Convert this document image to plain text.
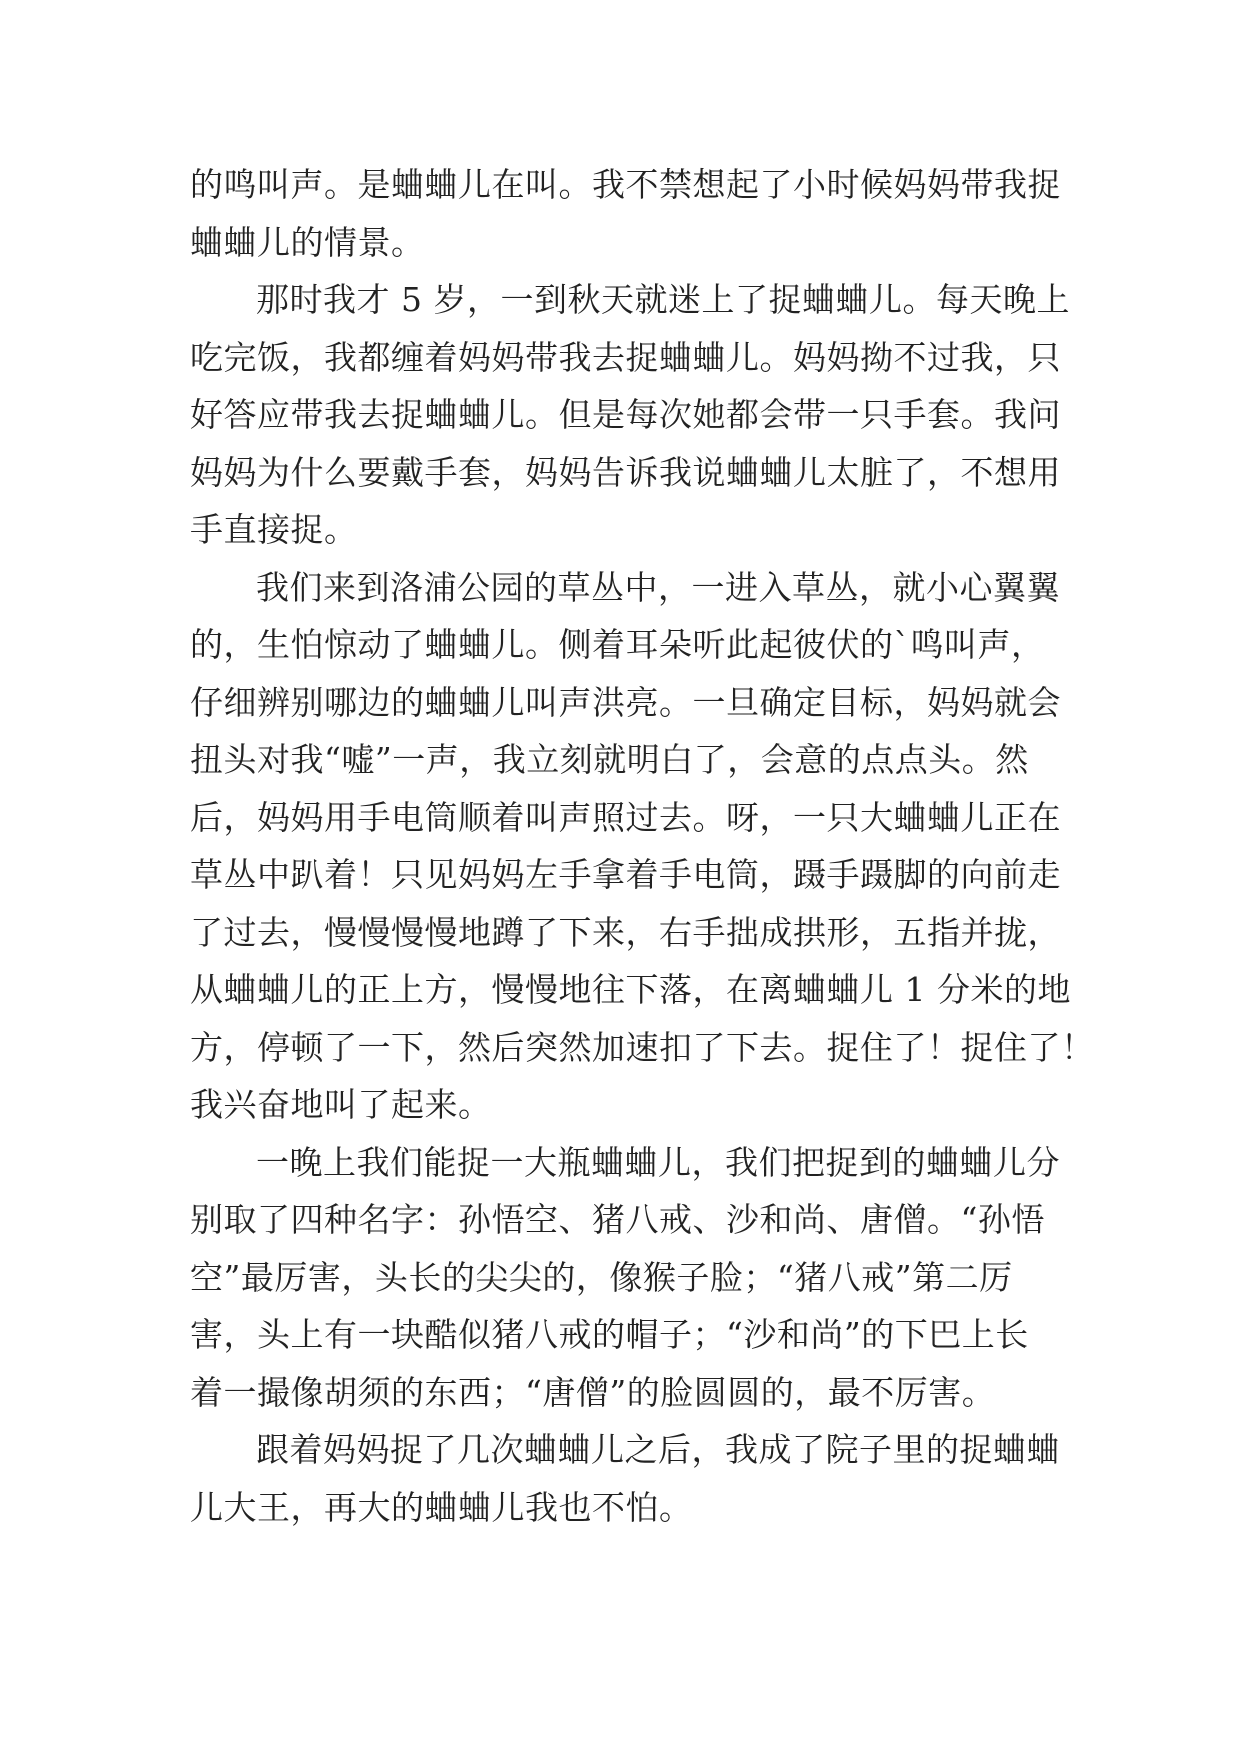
的鸣叫声。是蛐蛐儿在叫。我不禁想起了小时候妈妈带我捉
蛐蛐儿的情景。
那时我才 5 岁，一到秋天就迷上了捉蛐蛐儿。每天晚上
吃完饭，我都缠着妈妈带我去捉蛐蛐儿。妈妈拗不过我，只
好答应带我去捉蛐蛐儿。但是每次她都会带一只手套。我问
妈妈为什么要戴手套，妈妈告诉我说蛐蛐儿太脏了，不想用
手直接捉。
我们来到洛浦公园的草丛中，一进入草丛，就小心翼翼
的，生怕惊动了蛐蛐儿。侧着耳朵听此起彼伏的`鸣叫声，
仔细辨别哪边的蛐蛐儿叫声洪亮。一旦确定目标，妈妈就会
扭头对我“嘘”一声，我立刻就明白了，会意的点点头。然
后，妈妈用手电筒顺着叫声照过去。呀，一只大蛐蛐儿正在
草丛中趴着！只见妈妈左手拿着手电筒，蹑手蹑脚的向前走
了过去，慢慢慢慢地蹲了下来，右手拙成拱形，五指并拢，
从蛐蛐儿的正上方，慢慢地往下落，在离蛐蛐儿 1 分米的地
方，停顿了一下，然后突然加速扣了下去。捉住了！捉住了！
我兴奋地叫了起来。
一晚上我们能捉一大瓶蛐蛐儿，我们把捉到的蛐蛐儿分
别取了四种名字：孙悟空、猪八戒、沙和尚、唐僧。“孙悟
空”最厉害，头长的尖尖的，像猴子脸；“猪八戒”第二厉
害，头上有一块酷似猪八戒的帽子；“沙和尚”的下巴上长
着一撮像胡须的东西；“唐僧”的脸圆圆的，最不厉害。
跟着妈妈捉了几次蛐蛐儿之后，我成了院子里的捉蛐蛐
儿大王，再大的蛐蛐儿我也不怕。
